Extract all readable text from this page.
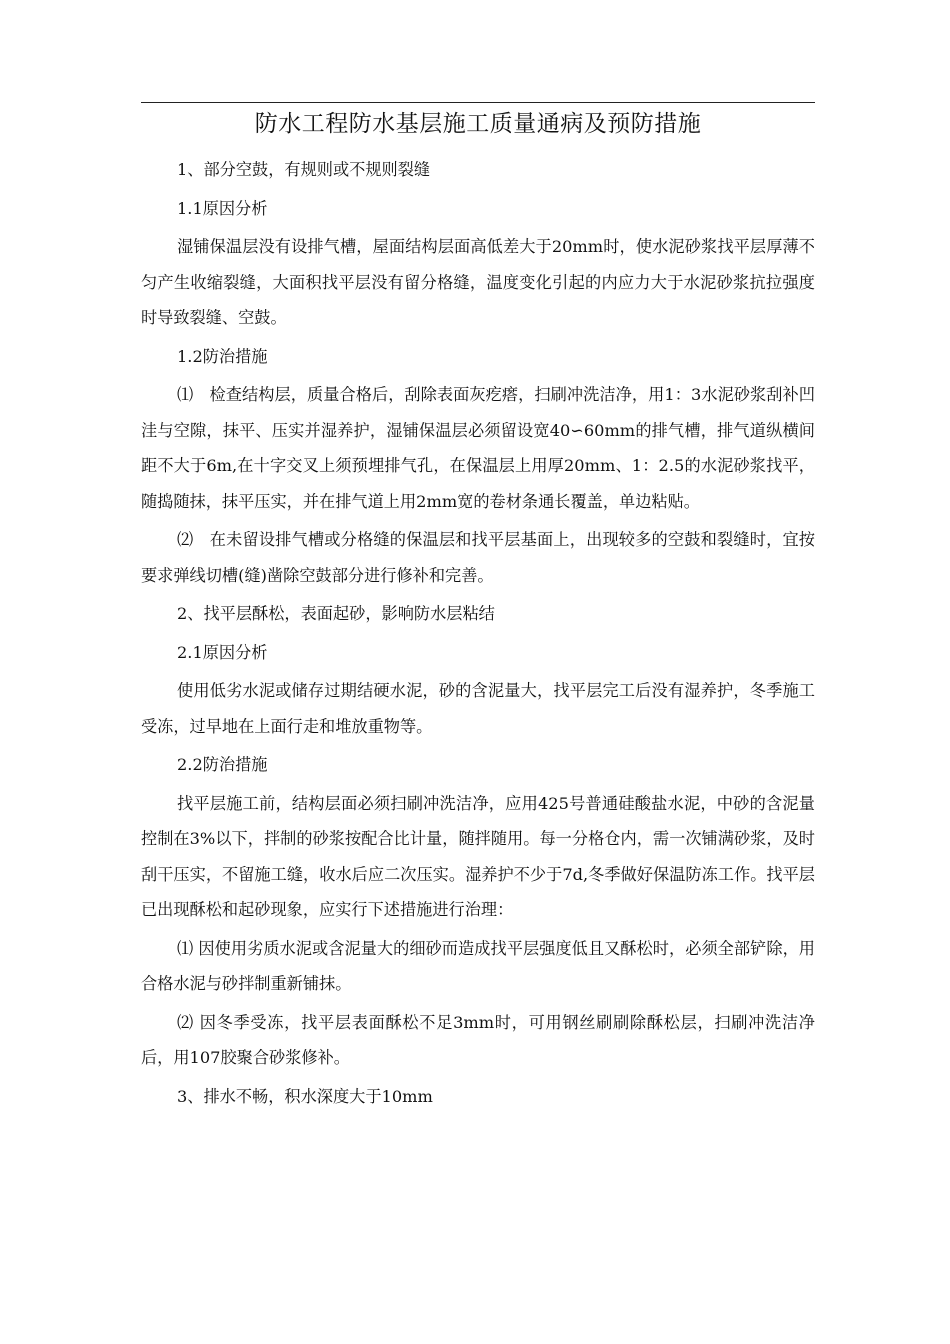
防水工程防水基层施工质量通病及预防措施

1、部分空鼓，有规则或不规则裂缝

1.1原因分析

湿铺保温层没有设排气槽，屋面结构层面高低差大于20mm时，使水泥砂浆找平层厚薄不匀产生收缩裂缝，大面积找平层没有留分格缝，温度变化引起的内应力大于水泥砂浆抗拉强度时导致裂缝、空鼓。

1.2防治措施

⑴　检查结构层，质量合格后，刮除表面灰疙瘩，扫刷冲洗洁净，用1：3水泥砂浆刮补凹洼与空隙，抹平、压实并湿养护，湿铺保温层必须留设宽40∽60mm的排气槽，排气道纵横间距不大于6m,在十字交叉上须预埋排气孔，在保温层上用厚20mm、1：2.5的水泥砂浆找平，随捣随抹，抹平压实，并在排气道上用2mm宽的卷材条通长覆盖，单边粘贴。

⑵　在未留设排气槽或分格缝的保温层和找平层基面上，出现较多的空鼓和裂缝时，宜按要求弹线切槽(缝)凿除空鼓部分进行修补和完善。

2、找平层酥松，表面起砂，影响防水层粘结

2.1原因分析

使用低劣水泥或储存过期结硬水泥，砂的含泥量大，找平层完工后没有湿养护，冬季施工受冻，过早地在上面行走和堆放重物等。

2.2防治措施

找平层施工前，结构层面必须扫刷冲洗洁净，应用425号普通硅酸盐水泥，中砂的含泥量控制在3%以下，拌制的砂浆按配合比计量，随拌随用。每一分格仓内，需一次铺满砂浆，及时刮干压实，不留施工缝，收水后应二次压实。湿养护不少于7d,冬季做好保温防冻工作。找平层已出现酥松和起砂现象，应实行下述措施进行治理：

⑴ 因使用劣质水泥或含泥量大的细砂而造成找平层强度低且又酥松时，必须全部铲除，用合格水泥与砂拌制重新铺抹。

⑵ 因冬季受冻，找平层表面酥松不足3mm时，可用钢丝刷刷除酥松层，扫刷冲洗洁净后，用107胶聚合砂浆修补。

3、排水不畅，积水深度大于10mm
